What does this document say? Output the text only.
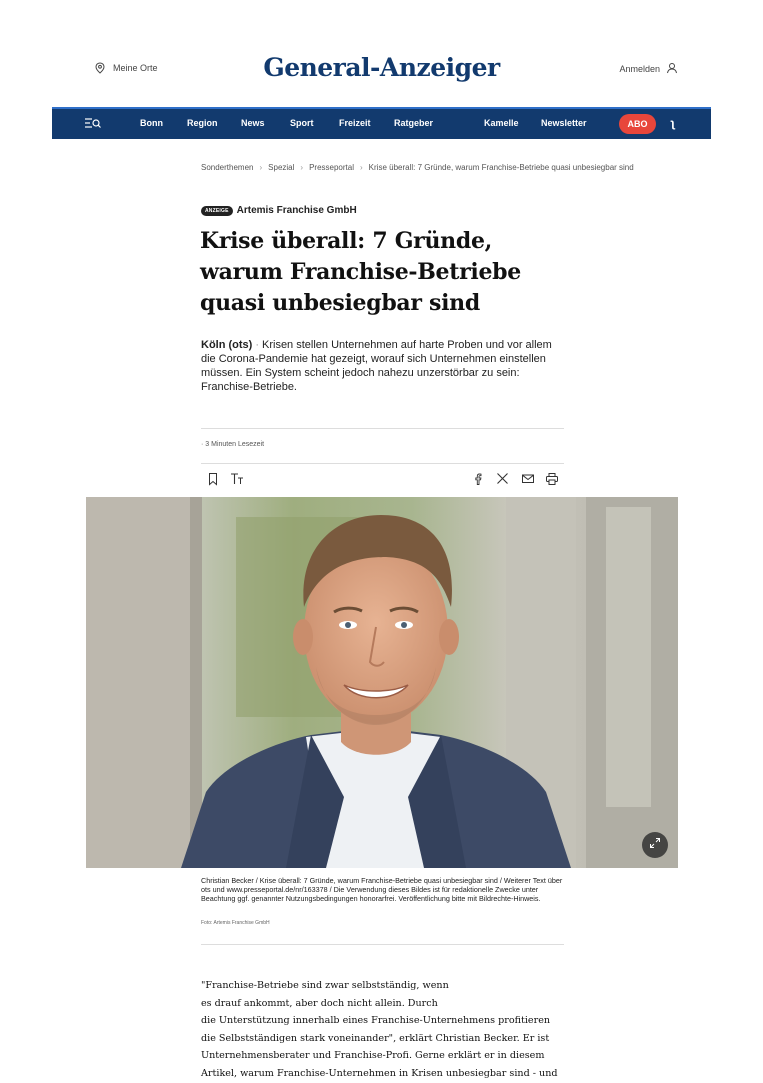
Meine Orte	General-Anzeiger	Anmelden
Bonn	Region	News	Sport	Freizeit	Ratgeber	Kamelle Newsletter	ABO	ʅ
Sonderthemen › Spezial › Presseportal › Krise überall: 7 Gründe, warum Franchise-Betriebe quasi unbesiegbar sind
ANZEIGE Artemis Franchise GmbH
Krise überall: 7 Gründe, warum Franchise-Betriebe quasi unbesiegbar sind

Köln (ots) · Krisen stellen Unternehmen auf harte Proben und vor allem die Corona-Pandemie hat gezeigt, worauf sich Unternehmen einstellen müssen. Ein System scheint jedoch nahezu unzerstörbar zu sein: Franchise-Betriebe.

· 3 Minuten Lesezeit

Christian Becker / Krise überall: 7 Gründe, warum Franchise-Betriebe quasi unbesiegbar sind / Weiterer Text über ots und www.presseportal.de/nr/163378 / Die Verwendung dieses Bildes ist für redaktionelle Zwecke unter Beachtung ggf. genannter Nutzungsbedingungen honorarfrei. Veröffentlichung bitte mit Bildrechte-Hinweis.

Foto: Artemis Franchise GmbH

"Franchise-Betriebe sind zwar selbstständig, wenn

es drauf ankommt, aber doch nicht allein. Durch

die Unterstützung innerhalb eines Franchise-Unternehmens profitieren

die Selbstständigen stark voneinander", erklärt Christian Becker. Er ist

Unternehmensberater und Franchise-Profi. Gerne erklärt er in diesem

Artikel, warum Franchise-Unternehmen in Krisen unbesiegbar sind - und
